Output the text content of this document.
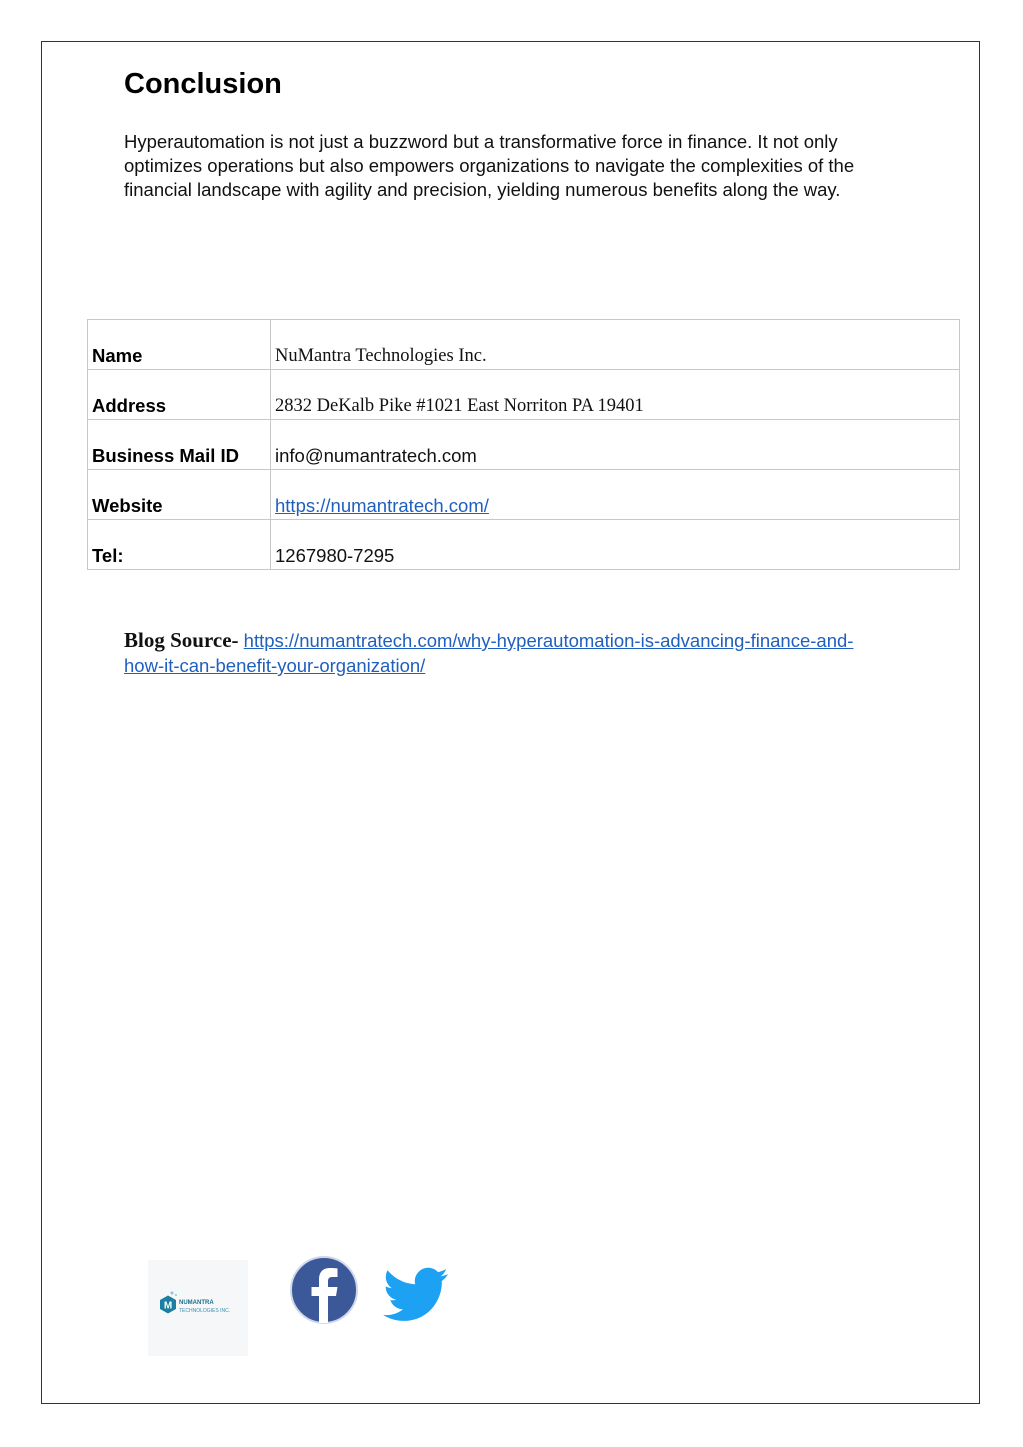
Conclusion

Hyperautomation is not just a buzzword but a transformative force in finance. It not only optimizes operations but also empowers organizations to navigate the complexities of the financial landscape with agility and precision, yielding numerous benefits along the way.

Name	NuMantra Technologies Inc.
Address	2832 DeKalb Pike #1021 East Norriton PA 19401
Business Mail ID	info@numantratech.com
Website	https://numantratech.com/
Tel:	1267980-7295

Blog Source- https://numantratech.com/why-hyperautomation-is-advancing-finance-and-how-it-can-benefit-your-organization/

M NUMANTRA
TECHNOLOGIES INC.
